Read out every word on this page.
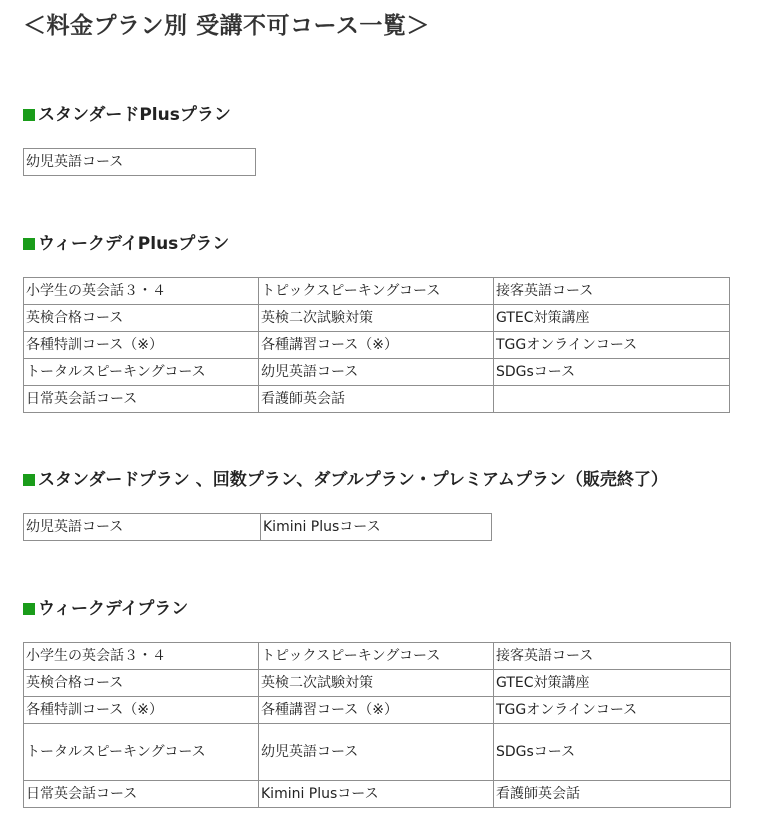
＜料金プラン別 受講不可コース一覧＞
スタンダードPlusプラン
幼児英語コース
ウィークデイPlusプラン
小学生の英会話３・４	トピックスピーキングコース	接客英語コース
英検合格コース	英検二次試験対策	GTEC対策講座
各種特訓コース（※）	各種講習コース（※）	TGGオンラインコース
トータルスピーキングコース	幼児英語コース	SDGsコース
日常英会話コース	看護師英会話	
スタンダードプラン 、回数プラン、ダブルプラン・プレミアムプラン（販売終了）
幼児英語コース	Kimini Plusコース
ウィークデイプラン
小学生の英会話３・４	トピックスピーキングコース	接客英語コース
英検合格コース	英検二次試験対策	GTEC対策講座
各種特訓コース（※）	各種講習コース（※）	TGGオンラインコース
トータルスピーキングコース	幼児英語コース	SDGsコース
日常英会話コース	Kimini Plusコース	看護師英会話
